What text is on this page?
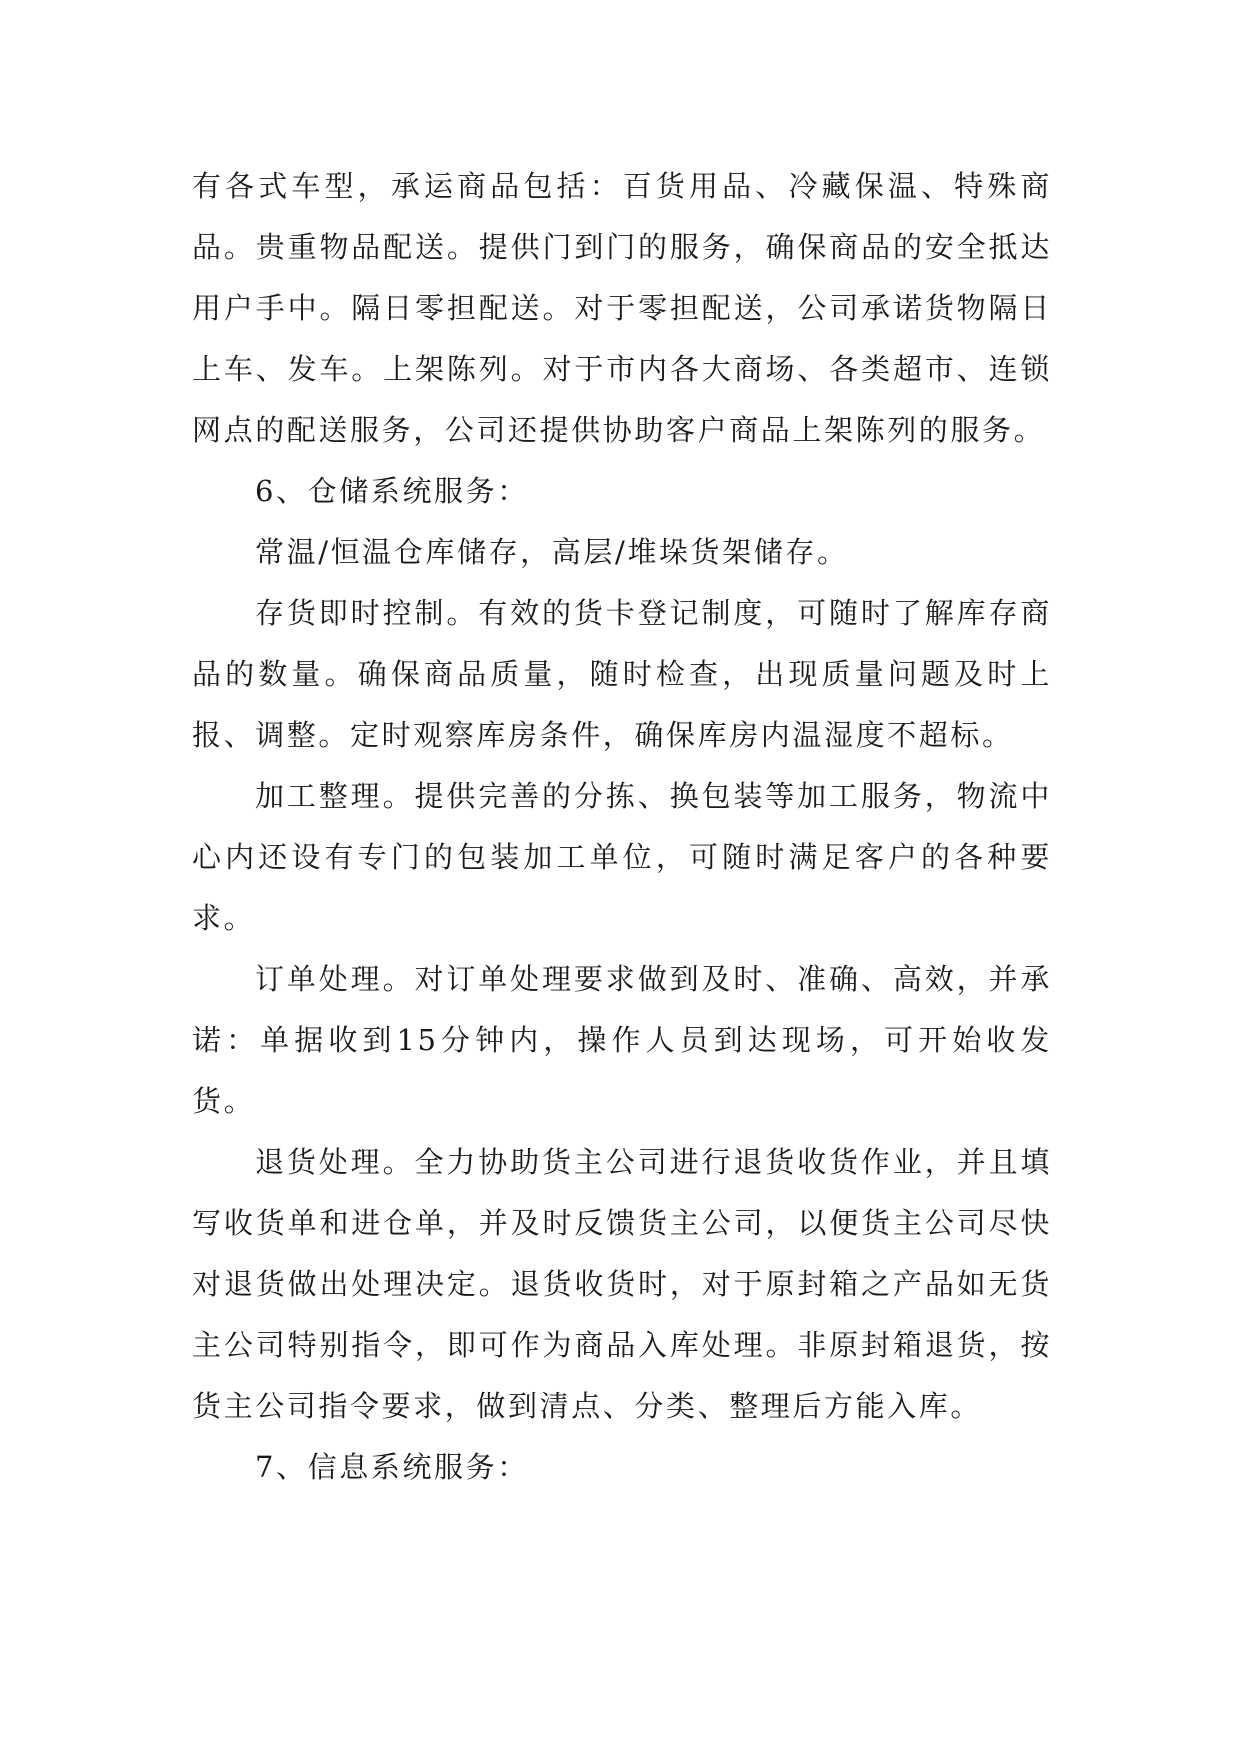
有各式车型，承运商品包括：百货用品、冷藏保温、特殊商品。贵重物品配送。提供门到门的服务，确保商品的安全抵达用户手中。隔日零担配送。对于零担配送，公司承诺货物隔日上车、发车。上架陈列。对于市内各大商场、各类超市、连锁网点的配送服务，公司还提供协助客户商品上架陈列的服务。

6、仓储系统服务：

常温/恒温仓库储存，高层/堆垛货架储存。

存货即时控制。有效的货卡登记制度，可随时了解库存商品的数量。确保商品质量，随时检查，出现质量问题及时上报、调整。定时观察库房条件，确保库房内温湿度不超标。

加工整理。提供完善的分拣、换包装等加工服务，物流中心内还设有专门的包装加工单位，可随时满足客户的各种要求。

订单处理。对订单处理要求做到及时、准确、高效，并承诺：单据收到15分钟内，操作人员到达现场，可开始收发货。

退货处理。全力协助货主公司进行退货收货作业，并且填写收货单和进仓单，并及时反馈货主公司，以便货主公司尽快对退货做出处理决定。退货收货时，对于原封箱之产品如无货主公司特别指令，即可作为商品入库处理。非原封箱退货，按货主公司指令要求，做到清点、分类、整理后方能入库。

7、信息系统服务：
